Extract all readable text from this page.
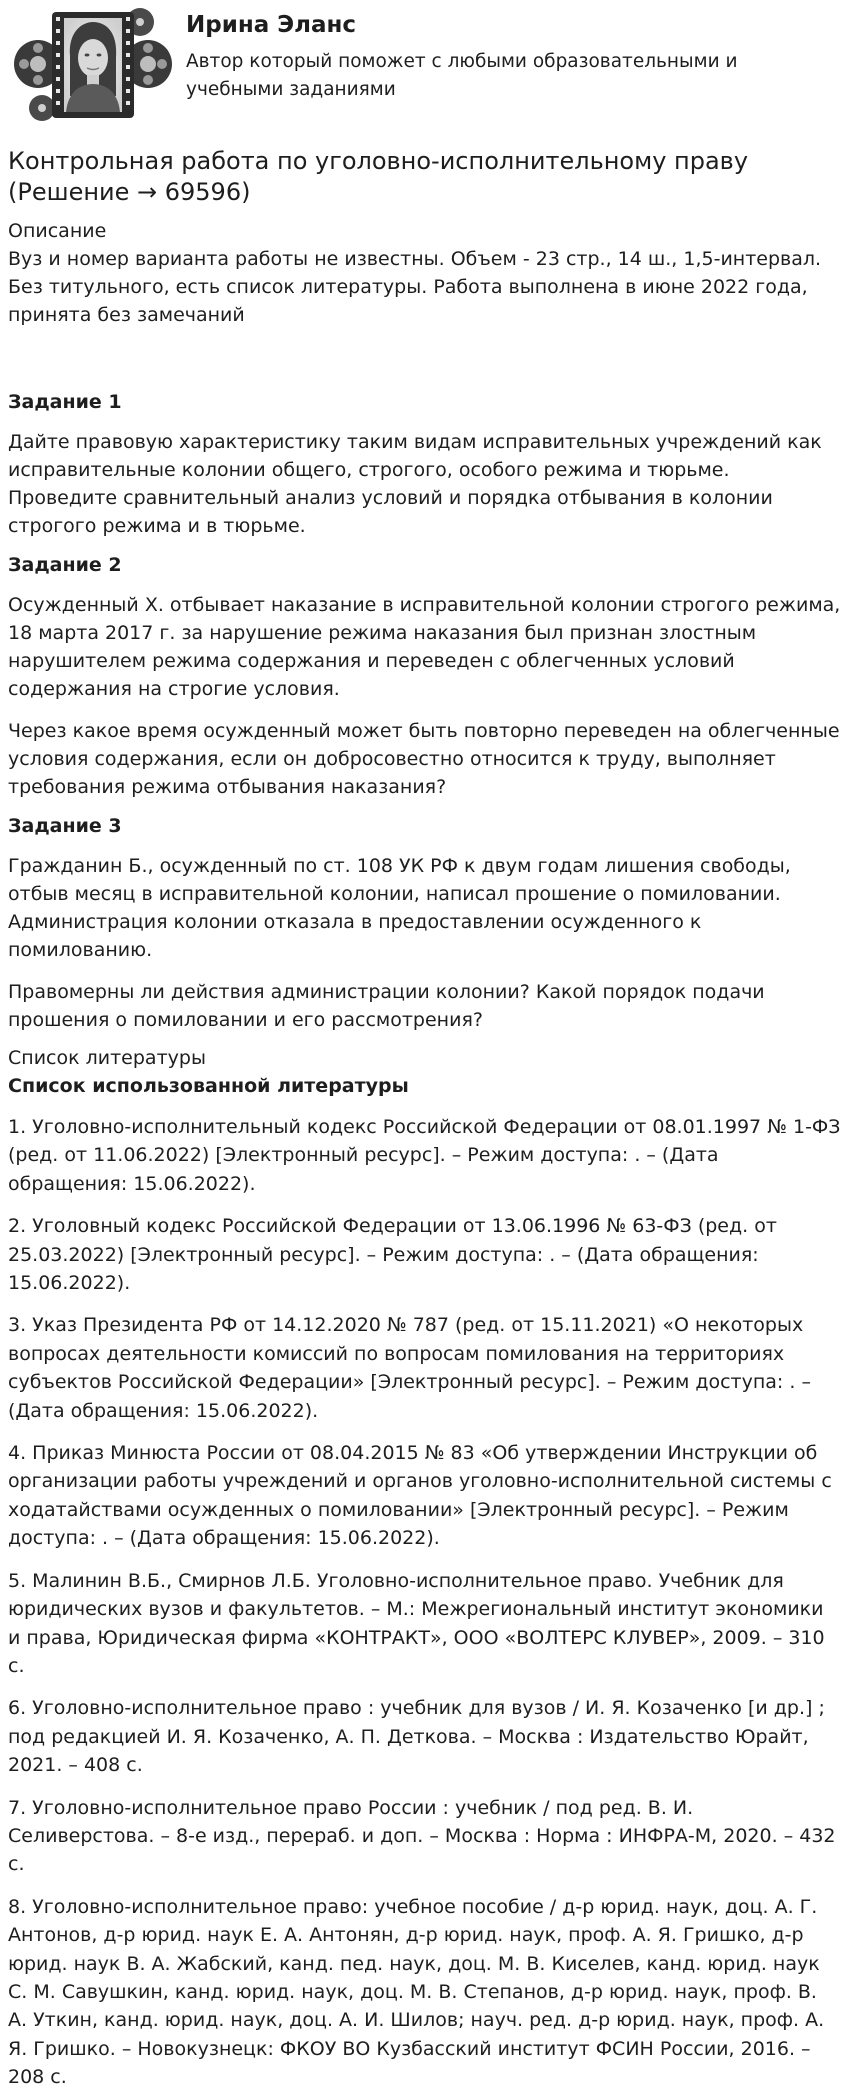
Ирина Эланс

Автор который поможет с любыми образовательными и учебными заданиями

Контрольная работа по уголовно-исполнительному праву (Решение → 69596)

Описание

Вуз и номер варианта работы не известны. Объем - 23 стр., 14 ш., 1,5-интервал. Без титульного, есть список литературы. Работа выполнена в июне 2022 года, принята без замечаний

Задание 1

Дайте правовую характеристику таким видам исправительных учреждений как исправительные колонии общего, строгого, особого режима и тюрьме. Проведите сравнительный анализ условий и порядка отбывания в колонии строгого режима и в тюрьме.

Задание 2

Осужденный Х. отбывает наказание в исправительной колонии строгого режима, 18 марта 2017 г. за нарушение режима наказания был признан злостным нарушителем режима содержания и переведен с облегченных условий содержания на строгие условия.

Через какое время осужденный может быть повторно переведен на облегченные условия содержания, если он добросовестно относится к труду, выполняет требования режима отбывания наказания?

Задание 3

Гражданин Б., осужденный по ст. 108 УК РФ к двум годам лишения свободы, отбыв месяц в исправительной колонии, написал прошение о помиловании. Администрация колонии отказала в предоставлении осужденного к помилованию.

Правомерны ли действия администрации колонии? Какой порядок подачи прошения о помиловании и его рассмотрения?

Список литературы

Список использованной литературы

1. Уголовно-исполнительный кодекс Российской Федерации от 08.01.1997 № 1-ФЗ (ред. от 11.06.2022) [Электронный ресурс]. – Режим доступа: . – (Дата обращения: 15.06.2022).

2. Уголовный кодекс Российской Федерации от 13.06.1996 № 63-ФЗ (ред. от 25.03.2022) [Электронный ресурс]. – Режим доступа: . – (Дата обращения: 15.06.2022).

3. Указ Президента РФ от 14.12.2020 № 787 (ред. от 15.11.2021) «О некоторых вопросах деятельности комиссий по вопросам помилования на территориях субъектов Российской Федерации» [Электронный ресурс]. – Режим доступа: . – (Дата обращения: 15.06.2022).

4. Приказ Минюста России от 08.04.2015 № 83 «Об утверждении Инструкции об организации работы учреждений и органов уголовно-исполнительной системы с ходатайствами осужденных о помиловании» [Электронный ресурс]. – Режим доступа: . – (Дата обращения: 15.06.2022).

5. Малинин В.Б., Смирнов Л.Б. Уголовно-исполнительное право. Учебник для юридических вузов и факультетов. – М.: Межрегиональный институт экономики и права, Юридическая фирма «КОНТРАКТ», ООО «ВОЛТЕРС КЛУВЕР», 2009. – 310 с.

6. Уголовно-исполнительное право : учебник для вузов / И. Я. Козаченко [и др.] ; под редакцией И. Я. Козаченко, А. П. Деткова. – Москва : Издательство Юрайт, 2021. – 408 с.

7. Уголовно-исполнительное право России : учебник / под ред. В. И. Селиверстова. – 8-е изд., перераб. и доп. – Москва : Норма : ИНФРА-М, 2020. – 432 с.

8. Уголовно-исполнительное право: учебное пособие / д-р юрид. наук, доц. А. Г. Антонов, д-р юрид. наук Е. А. Антонян, д-р юрид. наук, проф. А. Я. Гришко, д-р юрид. наук В. А. Жабский, канд. пед. наук, доц. М. В. Киселев, канд. юрид. наук С. М. Савушкин, канд. юрид. наук, доц. М. В. Степанов, д-р юрид. наук, проф. В. А. Уткин, канд. юрид. наук, доц. А. И. Шилов; науч. ред. д-р юрид. наук, проф. А. Я. Гришко. – Новокузнецк: ФКОУ ВО Кузбасский институт ФСИН России, 2016. – 208 с.
